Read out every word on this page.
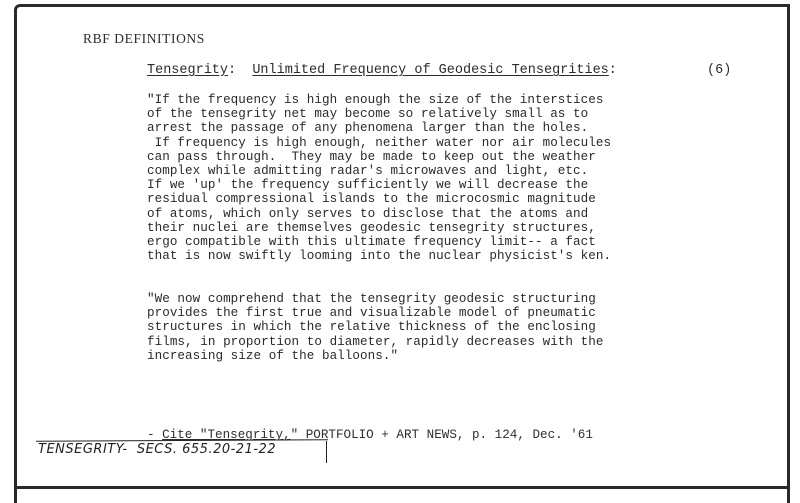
RBF DEFINITIONS
Tensegrity: Unlimited Frequency of Geodesic Tensegrities:	(6)
"If the frequency is high enough the size of the interstices
of the tensegrity net may become so relatively small as to
arrest the passage of any phenomena larger than the holes.
If frequency is high enough, neither water nor air molecules
can pass through.  They may be made to keep out the weather
complex while admitting radar's microwaves and light, etc.
If we 'up' the frequency sufficiently we will decrease the
residual compressional islands to the microcosmic magnitude
of atoms, which only serves to disclose that the atoms and
their nuclei are themselves geodesic tensegrity structures,
ergo compatible with this ultimate frequency limit-- a fact
that is now swiftly looming into the nuclear physicist's ken.
"We now comprehend that the tensegrity geodesic structuring
provides the first true and visualizable model of pneumatic
structures in which the relative thickness of the enclosing
films, in proportion to diameter, rapidly decreases with the
increasing size of the balloons."
- Cite "Tensegrity," PORTFOLIO + ART NEWS, p. 124, Dec. '61
TENSEGRITY-  SECS. 655.20-21-22
